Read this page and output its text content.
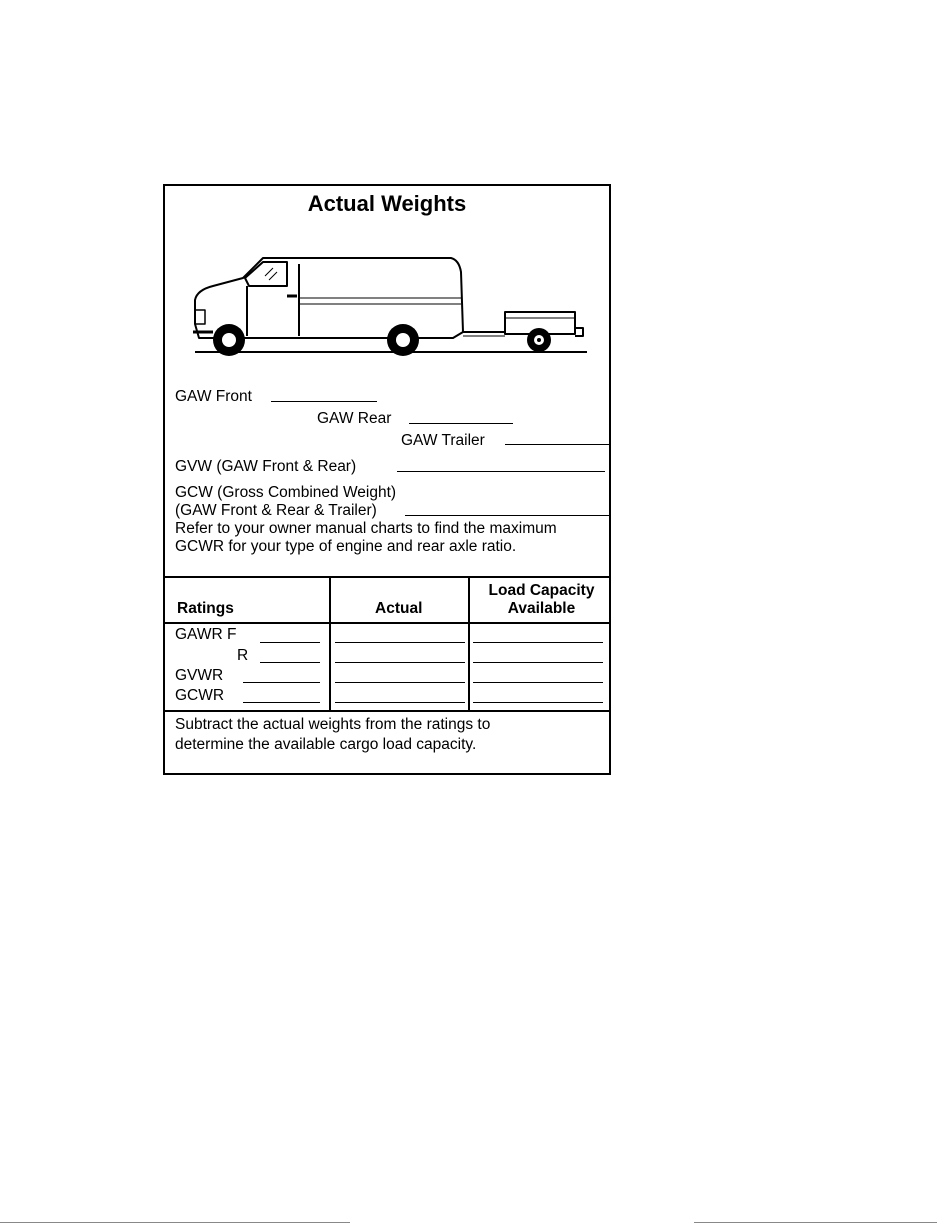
Actual Weights
GAW Front
GAW Rear
GAW Trailer
GVW (GAW Front & Rear)
GCW (Gross Combined Weight)
(GAW Front & Rear & Trailer)
Refer to your owner manual charts to find the maximum
GCWR for your type of engine and rear axle ratio.
Ratings	Actual
Load Capacity
Available
GAWR F
R
GVWR
GCWR
Subtract the actual weights from the ratings to
determine the available cargo load capacity.
